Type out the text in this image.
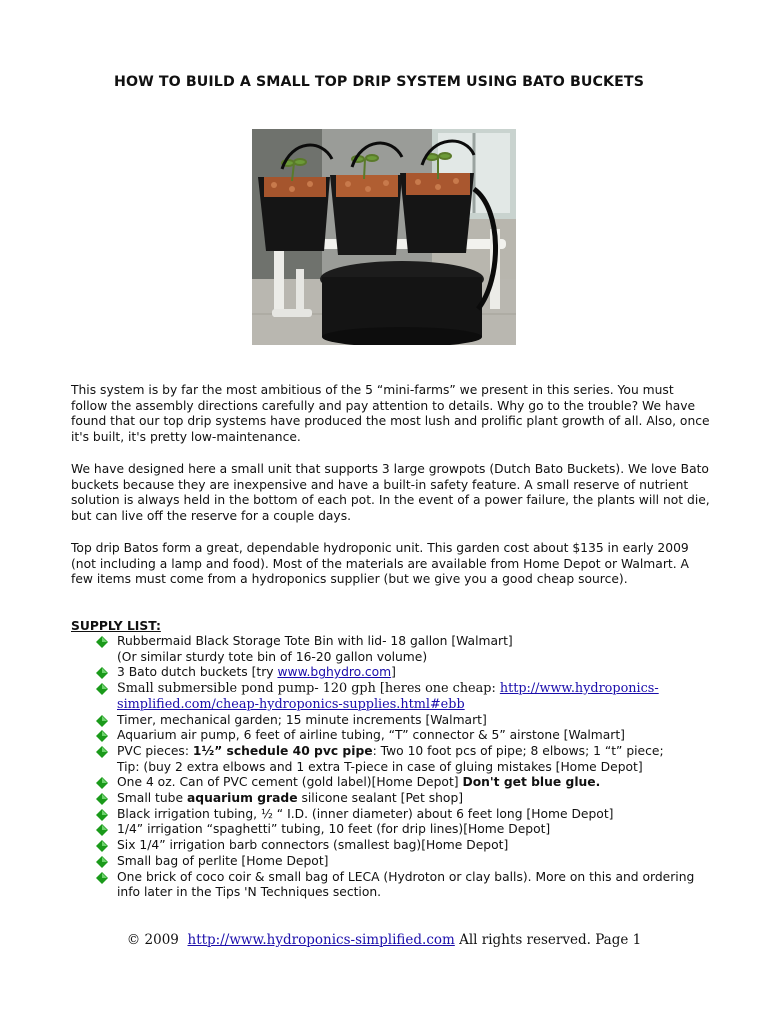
HOW TO BUILD A SMALL TOP DRIP SYSTEM USING BATO BUCKETS

This system is by far the most ambitious of the 5 “mini-farms” we present in this series. You must follow the assembly directions carefully and pay attention to details. Why go to the trouble? We have found that our top drip systems have produced the most lush and prolific plant growth of all. Also, once it's built, it's pretty low-maintenance.

We have designed here a small unit that supports 3 large growpots (Dutch Bato Buckets). We love Bato buckets because they are inexpensive and have a built-in safety feature. A small reserve of nutrient solution is always held in the bottom of each pot. In the event of a power failure, the plants will not die, but can live off the reserve for a couple days.

Top drip Batos form a great, dependable hydroponic unit. This garden cost about $135 in early 2009 (not including a lamp and food). Most of the materials are available from Home Depot or Walmart. A few items must come from a hydroponics supplier (but we give you a good cheap source).

SUPPLY LIST:
Rubbermaid Black Storage Tote Bin with lid- 18 gallon [Walmart]
(Or similar sturdy tote bin of 16-20 gallon volume)
3 Bato dutch buckets [try www.bghydro.com]
Small submersible pond pump- 120 gph [heres one cheap: http://www.hydroponics-
simplified.com/cheap-hydroponics-supplies.html#ebb
Timer, mechanical garden; 15 minute increments [Walmart]
Aquarium air pump, 6 feet of airline tubing, “T” connector & 5” airstone [Walmart]
PVC pieces: 1½” schedule 40 pvc pipe: Two 10 foot pcs of pipe; 8 elbows; 1 “t” piece;
Tip: (buy 2 extra elbows and 1 extra T-piece in case of gluing mistakes [Home Depot]
One 4 oz. Can of PVC cement (gold label)[Home Depot] Don't get blue glue.
Small tube aquarium grade silicone sealant [Pet shop]
Black irrigation tubing, ½ “ I.D. (inner diameter) about 6 feet long [Home Depot]
1/4” irrigation “spaghetti” tubing, 10 feet (for drip lines)[Home Depot]
Six 1/4” irrigation barb connectors (smallest bag)[Home Depot]
Small bag of perlite [Home Depot]
One brick of coco coir & small bag of LECA (Hydroton or clay balls). More on this and ordering info later in the Tips 'N Techniques section.
© 2009 http://www.hydroponics-simplified.com All rights reserved. Page 1
